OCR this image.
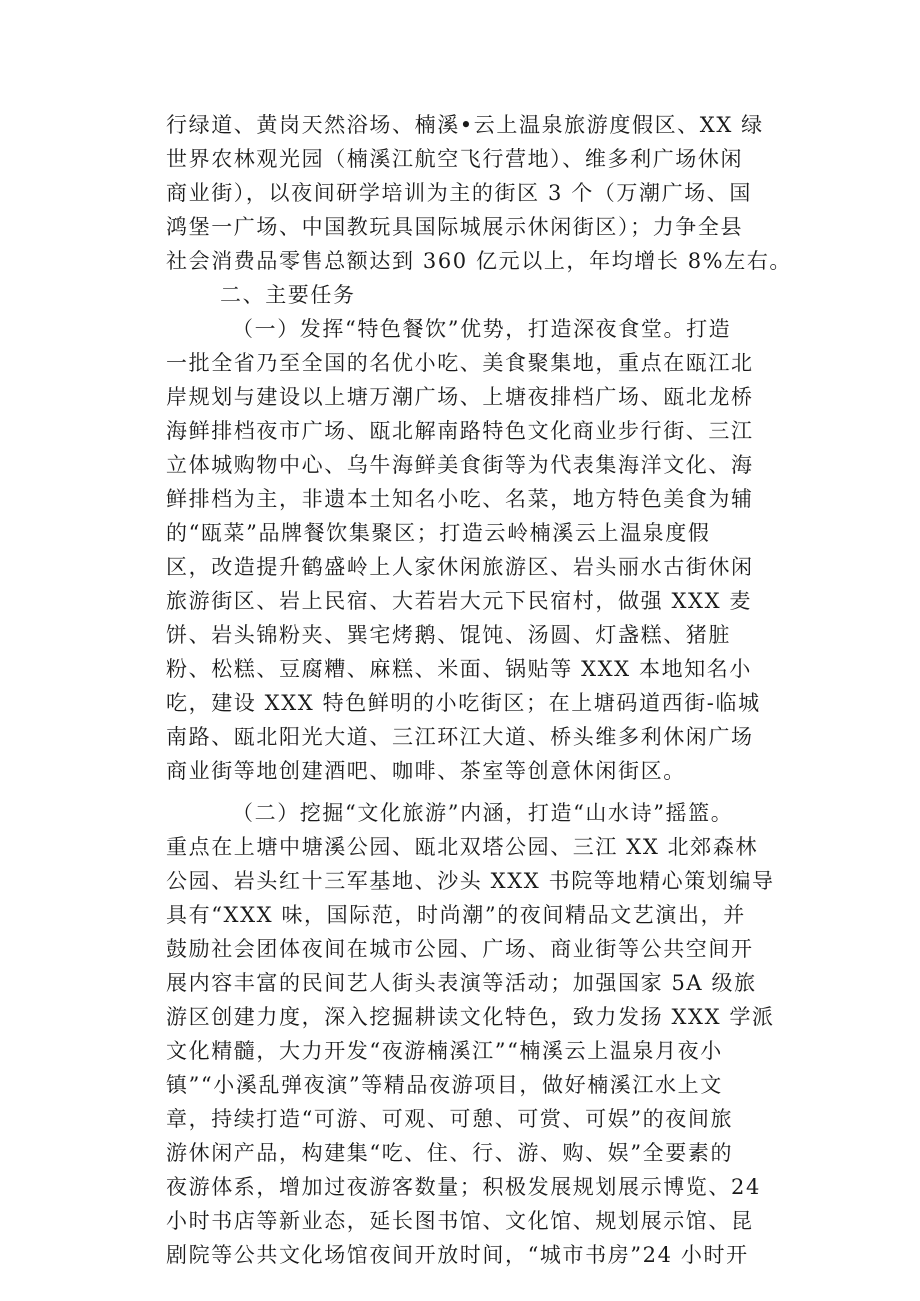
行绿道、黄岗天然浴场、楠溪•云上温泉旅游度假区、XX 绿
世界农林观光园（楠溪江航空飞行营地）、维多利广场休闲
商业街），以夜间研学培训为主的街区 3 个（万潮广场、国
鸿堡一广场、中国教玩具国际城展示休闲街区）；力争全县
社会消费品零售总额达到 360 亿元以上，年均增长 8%左右。
二、主要任务
（一）发挥“特色餐饮”优势，打造深夜食堂。打造
一批全省乃至全国的名优小吃、美食聚集地，重点在瓯江北
岸规划与建设以上塘万潮广场、上塘夜排档广场、瓯北龙桥
海鲜排档夜市广场、瓯北解南路特色文化商业步行街、三江
立体城购物中心、乌牛海鲜美食街等为代表集海洋文化、海
鲜排档为主，非遗本土知名小吃、名菜，地方特色美食为辅
的“瓯菜”品牌餐饮集聚区；打造云岭楠溪云上温泉度假
区，改造提升鹤盛岭上人家休闲旅游区、岩头丽水古街休闲
旅游街区、岩上民宿、大若岩大元下民宿村，做强 XXX 麦
饼、岩头锦粉夹、巽宅烤鹅、馄饨、汤圆、灯盏糕、猪脏
粉、松糕、豆腐糟、麻糕、米面、锅贴等 XXX 本地知名小
吃，建设 XXX 特色鲜明的小吃街区；在上塘码道西街-临城
南路、瓯北阳光大道、三江环江大道、桥头维多利休闲广场
商业街等地创建酒吧、咖啡、茶室等创意休闲街区。
（二）挖掘“文化旅游”内涵，打造“山水诗”摇篮。
重点在上塘中塘溪公园、瓯北双塔公园、三江 XX 北郊森林
公园、岩头红十三军基地、沙头 XXX 书院等地精心策划编导
具有“XXX 味，国际范，时尚潮”的夜间精品文艺演出，并
鼓励社会团体夜间在城市公园、广场、商业街等公共空间开
展内容丰富的民间艺人街头表演等活动；加强国家 5A 级旅
游区创建力度，深入挖掘耕读文化特色，致力发扬 XXX 学派
文化精髓，大力开发“夜游楠溪江”“楠溪云上温泉月夜小
镇”“小溪乱弹夜演”等精品夜游项目，做好楠溪江水上文
章，持续打造“可游、可观、可憩、可赏、可娱”的夜间旅
游休闲产品，构建集“吃、住、行、游、购、娱”全要素的
夜游体系，增加过夜游客数量；积极发展规划展示博览、24
小时书店等新业态，延长图书馆、文化馆、规划展示馆、昆
剧院等公共文化场馆夜间开放时间，“城市书房”24 小时开
